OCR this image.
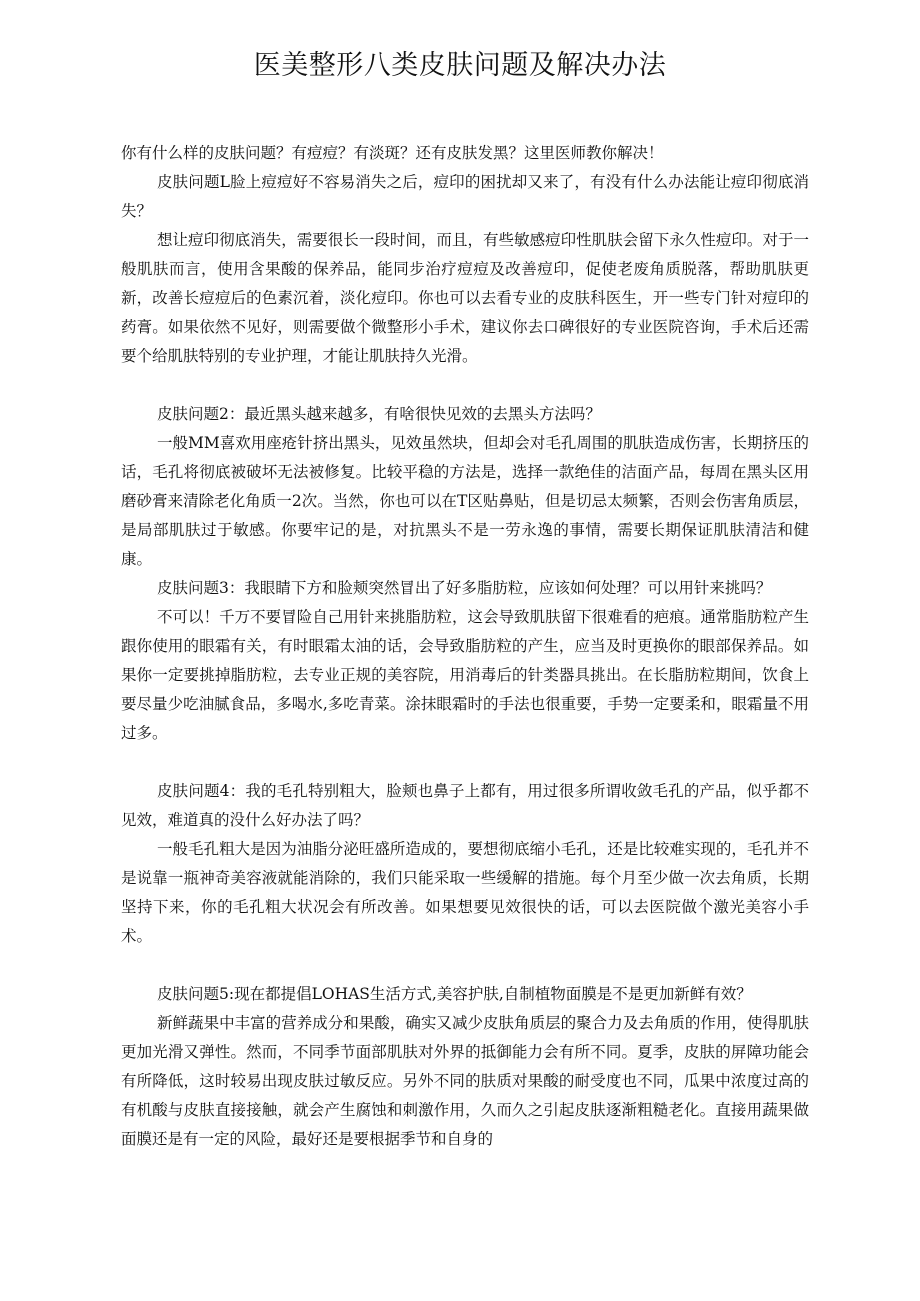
医美整形八类皮肤问题及解决办法

你有什么样的皮肤问题？有痘痘？有淡斑？还有皮肤发黑？这里医师教你解决！

皮肤问题L脸上痘痘好不容易消失之后，痘印的困扰却又来了，有没有什么办法能让痘印彻底消失？

想让痘印彻底消失，需要很长一段时间，而且，有些敏感痘印性肌肤会留下永久性痘印。对于一般肌肤而言，使用含果酸的保养品，能同步治疗痘痘及改善痘印，促使老废角质脱落，帮助肌肤更新，改善长痘痘后的色素沉着，淡化痘印。你也可以去看专业的皮肤科医生，开一些专门针对痘印的药膏。如果依然不见好，则需要做个微整形小手术，建议你去口碑很好的专业医院咨询，手术后还需要个给肌肤特别的专业护理，才能让肌肤持久光滑。

皮肤问题2：最近黑头越来越多，有啥很快见效的去黑头方法吗？

一般MM喜欢用座疮针挤出黑头，见效虽然块，但却会对毛孔周围的肌肤造成伤害，长期挤压的话，毛孔将彻底被破坏无法被修复。比较平稳的方法是，选择一款绝佳的洁面产品，每周在黑头区用磨砂膏来清除老化角质一2次。当然，你也可以在T区贴鼻贴，但是切忌太频繁，否则会伤害角质层，是局部肌肤过于敏感。你要牢记的是，对抗黑头不是一劳永逸的事情，需要长期保证肌肤清洁和健康。

皮肤问题3：我眼睛下方和脸颊突然冒出了好多脂肪粒，应该如何处理？可以用针来挑吗？

不可以！千万不要冒险自己用针来挑脂肪粒，这会导致肌肤留下很难看的疤痕。通常脂肪粒产生跟你使用的眼霜有关，有时眼霜太油的话，会导致脂肪粒的产生，应当及时更换你的眼部保养品。如果你一定要挑掉脂肪粒，去专业正规的美容院，用消毒后的针类器具挑出。在长脂肪粒期间，饮食上要尽量少吃油腻食品，多喝水,多吃青菜。涂抹眼霜时的手法也很重要，手势一定要柔和，眼霜量不用过多。

皮肤问题4：我的毛孔特别粗大，脸颊也鼻子上都有，用过很多所谓收敛毛孔的产品，似乎都不见效，难道真的没什么好办法了吗？

一般毛孔粗大是因为油脂分泌旺盛所造成的，要想彻底缩小毛孔，还是比较难实现的，毛孔并不是说靠一瓶神奇美容液就能消除的，我们只能采取一些缓解的措施。每个月至少做一次去角质，长期坚持下来，你的毛孔粗大状况会有所改善。如果想要见效很快的话，可以去医院做个激光美容小手术。

皮肤问题5:现在都提倡LOHAS生活方式,美容护肤,自制植物面膜是不是更加新鲜有效？

新鲜蔬果中丰富的营养成分和果酸，确实又减少皮肤角质层的聚合力及去角质的作用，使得肌肤更加光滑又弹性。然而，不同季节面部肌肤对外界的抵御能力会有所不同。夏季，皮肤的屏障功能会有所降低，这时较易出现皮肤过敏反应。另外不同的肤质对果酸的耐受度也不同，瓜果中浓度过高的有机酸与皮肤直接接触，就会产生腐蚀和刺激作用，久而久之引起皮肤逐渐粗糙老化。直接用蔬果做面膜还是有一定的风险，最好还是要根据季节和自身的
